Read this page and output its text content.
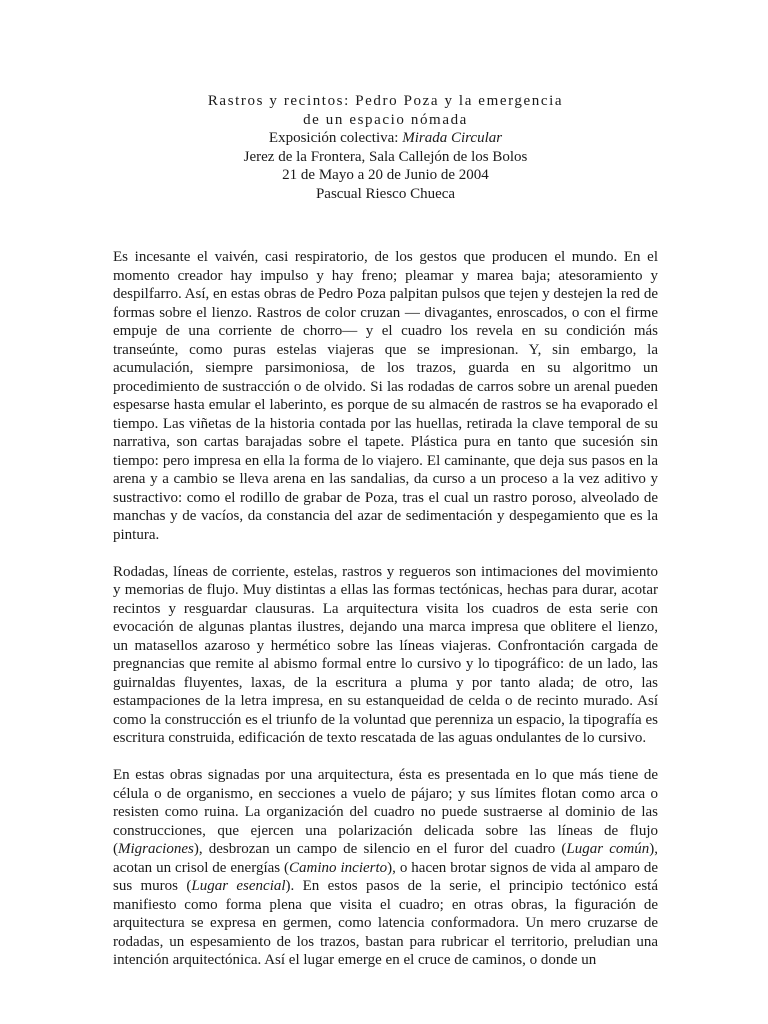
Rastros y recintos: Pedro Poza y la emergencia
de un espacio nómada
Exposición colectiva: Mirada Circular
Jerez de la Frontera, Sala Callejón de los Bolos
21 de Mayo a 20 de Junio de 2004
Pascual Riesco Chueca

Es incesante el vaivén, casi respiratorio, de los gestos que producen el mundo. En el momento creador hay impulso y hay freno; pleamar y marea baja; atesoramiento y despilfarro. Así, en estas obras de Pedro Poza palpitan pulsos que tejen y destejen la red de formas sobre el lienzo. Rastros de color cruzan — divagantes, enroscados, o con el firme empuje de una corriente de chorro— y el cuadro los revela en su condición más transeúnte, como puras estelas viajeras que se impresionan. Y, sin embargo, la acumulación, siempre parsimoniosa, de los trazos, guarda en su algoritmo un procedimiento de sustracción o de olvido. Si las rodadas de carros sobre un arenal pueden espesarse hasta emular el laberinto, es porque de su almacén de rastros se ha evaporado el tiempo. Las viñetas de la historia contada por las huellas, retirada la clave temporal de su narrativa, son cartas barajadas sobre el tapete. Plástica pura en tanto que sucesión sin tiempo: pero impresa en ella la forma de lo viajero. El caminante, que deja sus pasos en la arena y a cambio se lleva arena en las sandalias, da curso a un proceso a la vez aditivo y sustractivo: como el rodillo de grabar de Poza, tras el cual un rastro poroso, alveolado de manchas y de vacíos, da constancia del azar de sedimentación y despegamiento que es la pintura.

Rodadas, líneas de corriente, estelas, rastros y regueros son intimaciones del movimiento y memorias de flujo. Muy distintas a ellas las formas tectónicas, hechas para durar, acotar recintos y resguardar clausuras. La arquitectura visita los cuadros de esta serie con evocación de algunas plantas ilustres, dejando una marca impresa que oblitere el lienzo, un matasellos azaroso y hermético sobre las líneas viajeras. Confrontación cargada de pregnancias que remite al abismo formal entre lo cursivo y lo tipográfico: de un lado, las guirnaldas fluyentes, laxas, de la escritura a pluma y por tanto alada; de otro, las estampaciones de la letra impresa, en su estanqueidad de celda o de recinto murado. Así como la construcción es el triunfo de la voluntad que perenniza un espacio, la tipografía es escritura construida, edificación de texto rescatada de las aguas ondulantes de lo cursivo.

En estas obras signadas por una arquitectura, ésta es presentada en lo que más tiene de célula o de organismo, en secciones a vuelo de pájaro; y sus límites flotan como arca o resisten como ruina. La organización del cuadro no puede sustraerse al dominio de las construcciones, que ejercen una polarización delicada sobre las líneas de flujo (Migraciones), desbrozan un campo de silencio en el furor del cuadro (Lugar común), acotan un crisol de energías (Camino incierto), o hacen brotar signos de vida al amparo de sus muros (Lugar esencial). En estos pasos de la serie, el principio tectónico está manifiesto como forma plena que visita el cuadro; en otras obras, la figuración de arquitectura se expresa en germen, como latencia conformadora. Un mero cruzarse de rodadas, un espesamiento de los trazos, bastan para rubricar el territorio, preludian una intención arquitectónica. Así el lugar emerge en el cruce de caminos, o donde un
